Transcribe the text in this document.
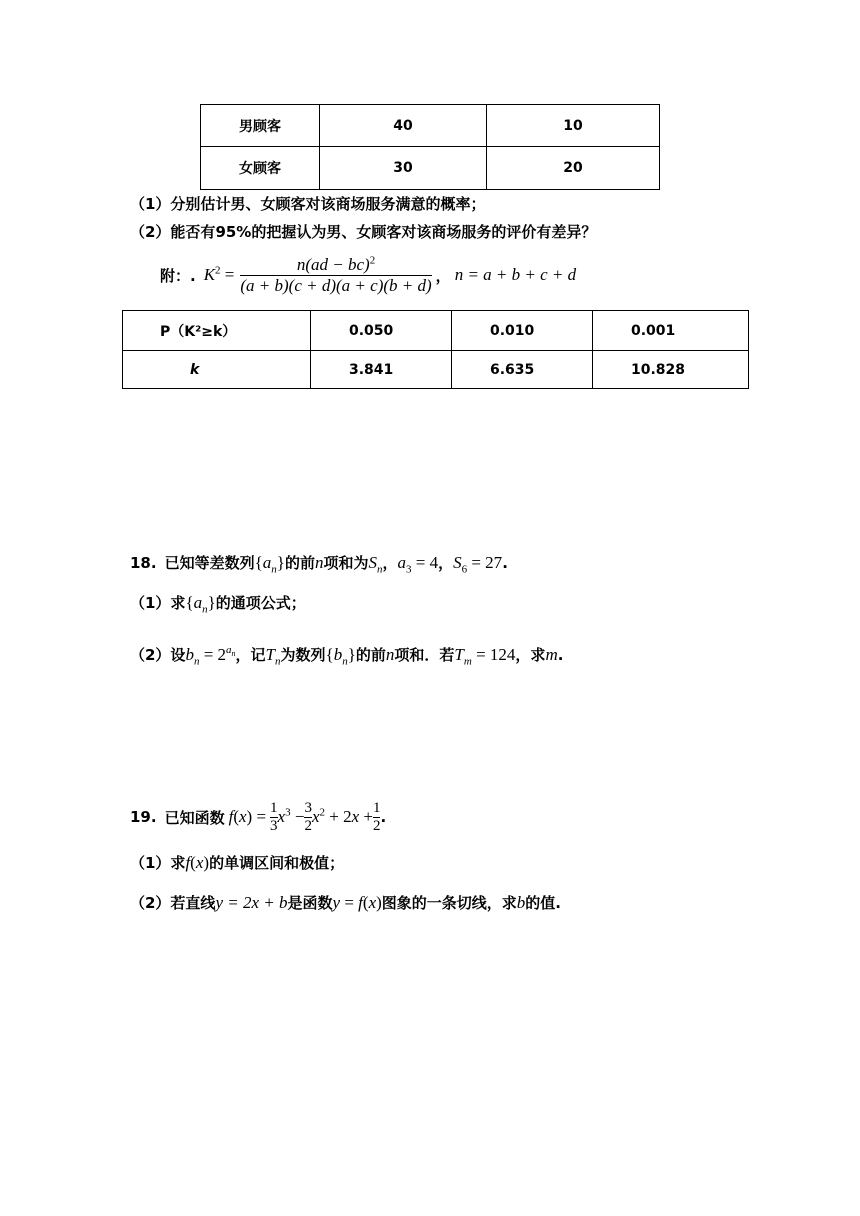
男顾客	40	10
女顾客	30	20
（1）分别估计男、女顾客对该商场服务满意的概率；
（2）能否有95%的把握认为男、女顾客对该商场服务的评价有差异？
附：. $K^2 = \frac{n(ad - bc)^2}{(a + b)(c + d)(a + c)(b + d)}$ ， n = a + b + c + d
P（K²≥k）	0.050	0.010	0.001
k	3.841	6.635	10.828
18. 已知等差数列 $\{a_n\}$ 的前 n 项和为 $S_n$ ， $a_3 = 4$ ， $S_6 = 27$ .
（1）求 $\{a_n\}$ 的通项公式；
（2）设 $b_n = 2^{a_n}$ ，记 $T_n$ 为数列 $\{b_n\}$ 的前 n 项和．若 $T_m = 124$ ，求 m .
19. 已知函数 $f(x) = \frac{1}{3} x^3 - \frac{3}{2} x^2 + 2x + \frac{1}{2}$ .
（1）求 f(x) 的单调区间和极值；
（2）若直线 y = 2x + b 是函数 y = f(x) 图象的一条切线，求 b 的值.
